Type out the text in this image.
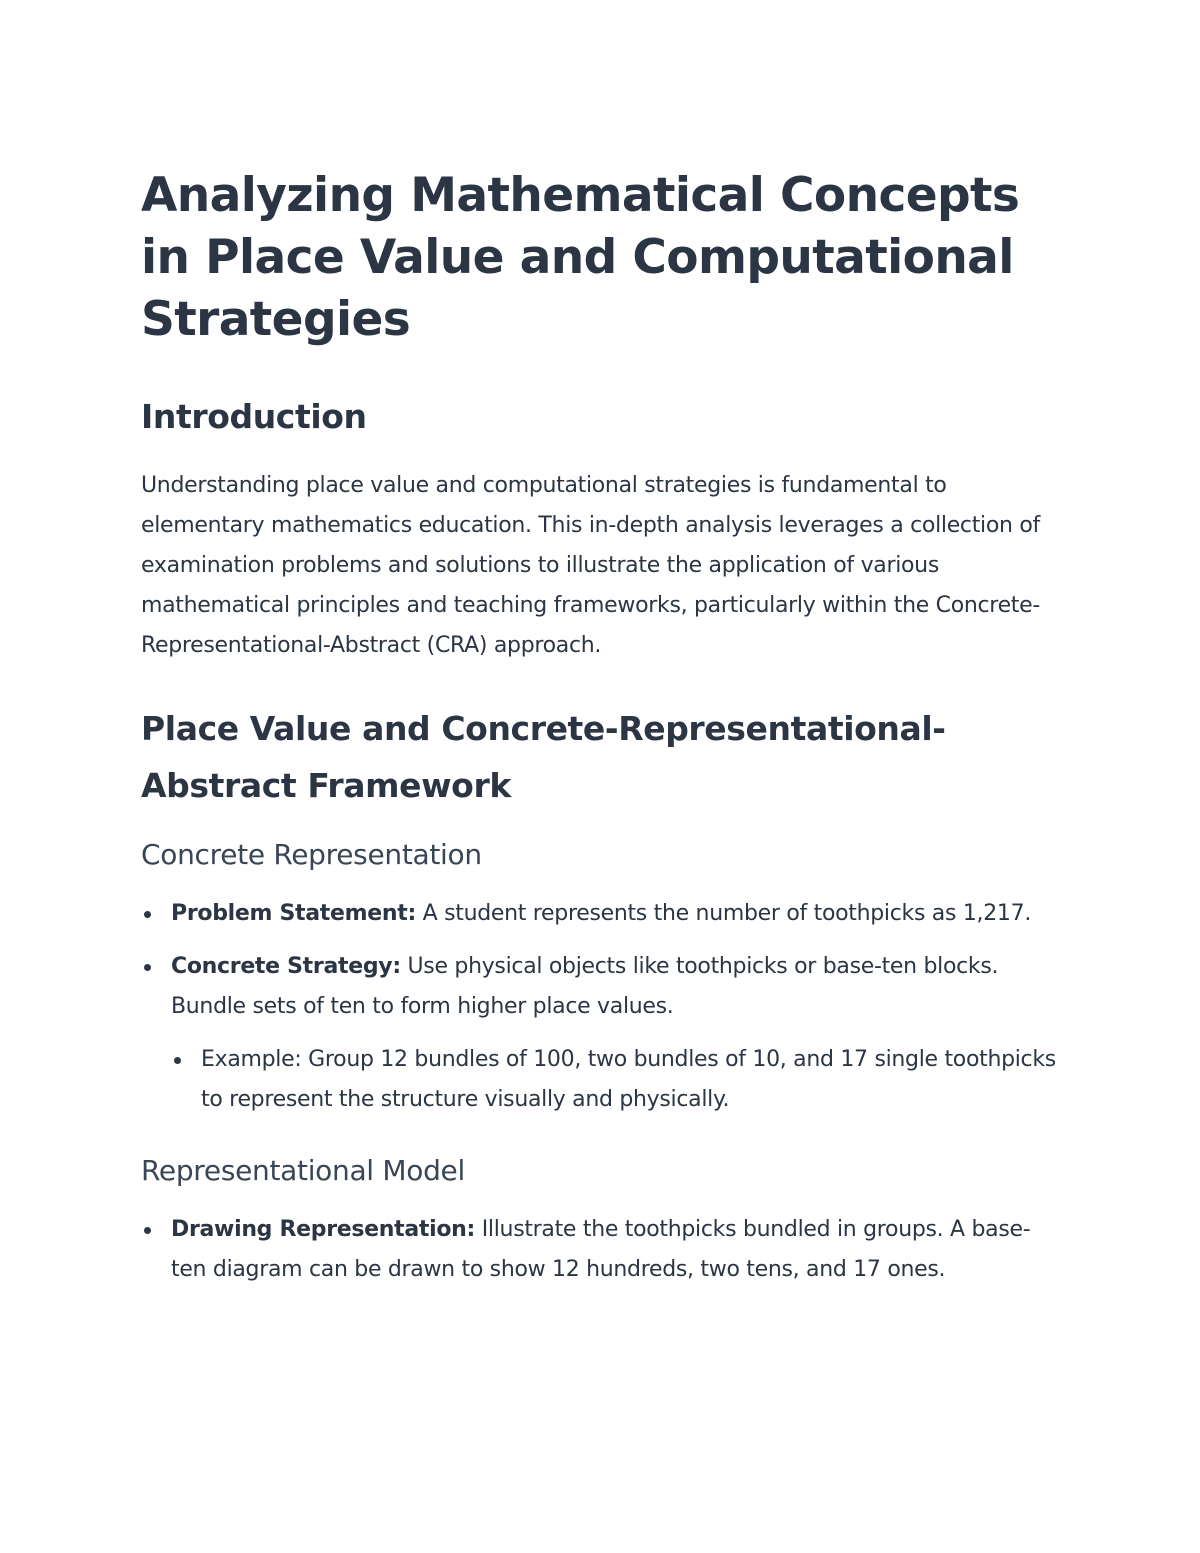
Analyzing Mathematical Concepts in Place Value and Computational Strategies
Introduction

Understanding place value and computational strategies is fundamental to elementary mathematics education. This in-depth analysis leverages a collection of examination problems and solutions to illustrate the application of various mathematical principles and teaching frameworks, particularly within the Concrete-Representational-Abstract (CRA) approach.

Place Value and Concrete-Representational-Abstract Framework
Concrete Representation
Problem Statement: A student represents the number of toothpicks as 1,217.
Concrete Strategy: Use physical objects like toothpicks or base-ten blocks. Bundle sets of ten to form higher place values.
Example: Group 12 bundles of 100, two bundles of 10, and 17 single toothpicks to represent the structure visually and physically.
Representational Model
Drawing Representation: Illustrate the toothpicks bundled in groups. A base-ten diagram can be drawn to show 12 hundreds, two tens, and 17 ones.
